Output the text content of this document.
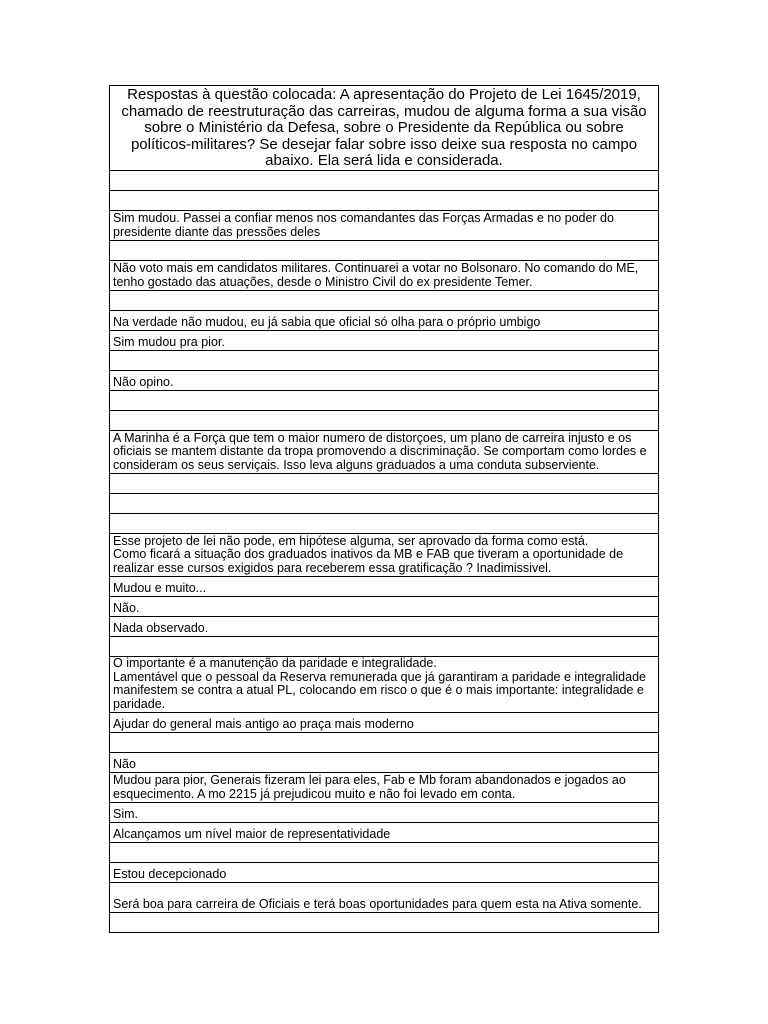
Respostas à questão colocada: A apresentação do Projeto de Lei 1645/2019, chamado de reestruturação das carreiras, mudou de alguma forma a sua visão sobre o Ministério da Defesa, sobre o Presidente da República ou sobre políticos-militares? Se desejar falar sobre isso deixe sua resposta no campo abaixo. Ela será lida e considerada.
Sim mudou. Passei a confiar menos nos comandantes das Forças Armadas e no poder do presidente diante das pressões deles
Não voto mais em candidatos militares. Continuarei a votar no Bolsonaro. No comando do ME, tenho gostado das atuações, desde o Ministro Civil do ex presidente Temer.
Na verdade não mudou, eu já sabia que oficial só olha para o próprio umbigo
Sim mudou pra pior.
Não opino.
A Marinha é a Força que tem o maior numero de distorçoes, um plano de carreira injusto e os oficiais se mantem distante da tropa promovendo a discriminação. Se comportam como lordes e consideram os seus serviçais. Isso leva alguns graduados a uma conduta subserviente.
Esse projeto de lei não pode, em hipótese alguma, ser aprovado da forma como está.
Como ficará a situação dos graduados inativos da MB e FAB que tiveram a oportunidade de realizar esse cursos exigidos para receberem essa gratificação ? Inadimissivel.
Mudou e muito...
Não.
Nada observado.
O importante é a manutenção da paridade e integralidade.
Lamentável que o pessoal da Reserva remunerada que já garantiram a paridade e integralidade manifestem se contra a atual PL, colocando em risco o que é o mais importante: integralidade e paridade.
Ajudar do general mais antigo ao praça mais moderno
Não
Mudou para pior, Generais fizeram lei para eles, Fab e Mb foram abandonados e jogados ao esquecimento. A mo 2215 já prejudicou muito e não foi levado em conta.
Sim.
Alcançamos um nível maior de representatividade
Estou decepcionado
Será boa para carreira de Oficiais e terá boas oportunidades para quem esta na Ativa somente.
